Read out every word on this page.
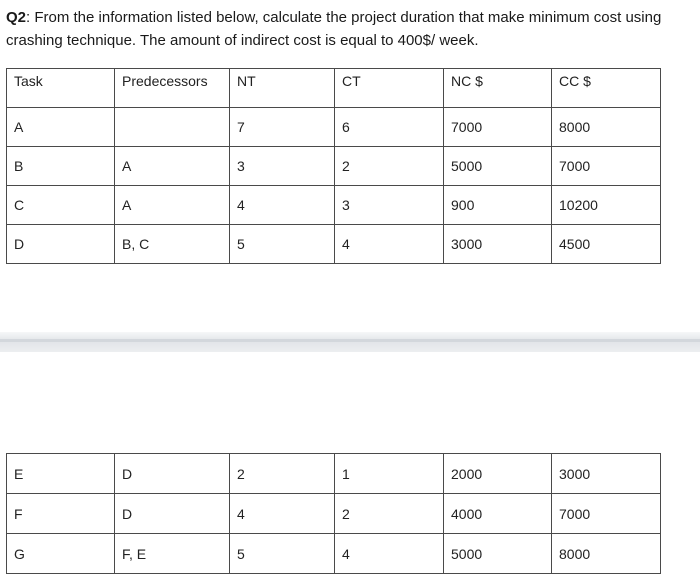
Q2: From the information listed below, calculate the project duration that make minimum cost using crashing technique. The amount of indirect cost is equal to 400$/ week.
Task	Predecessors	NT	CT	NC $	CC $
A		7	6	7000	8000
B	A	3	2	5000	7000
C	A	4	3	900	10200
D	B, C	5	4	3000	4500
E	D	2	1	2000	3000
F	D	4	2	4000	7000
G	F, E	5	4	5000	8000
